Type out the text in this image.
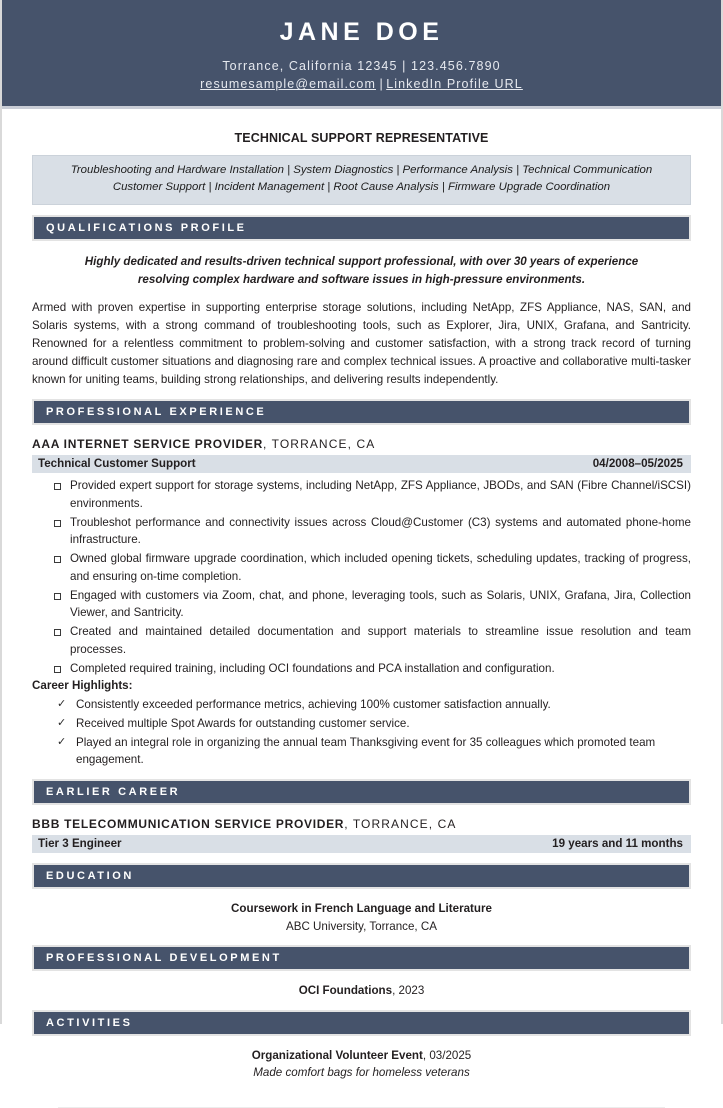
JANE DOE
Torrance, California 12345 | 123.456.7890
resumesample@email.com | LinkedIn Profile URL
TECHNICAL SUPPORT REPRESENTATIVE
Troubleshooting and Hardware Installation | System Diagnostics | Performance Analysis | Technical Communication
Customer Support | Incident Management | Root Cause Analysis | Firmware Upgrade Coordination
QUALIFICATIONS PROFILE

Highly dedicated and results-driven technical support professional, with over 30 years of experience resolving complex hardware and software issues in high-pressure environments.

Armed with proven expertise in supporting enterprise storage solutions, including NetApp, ZFS Appliance, NAS, SAN, and Solaris systems, with a strong command of troubleshooting tools, such as Explorer, Jira, UNIX, Grafana, and Santricity. Renowned for a relentless commitment to problem-solving and customer satisfaction, with a strong track record of turning around difficult customer situations and diagnosing rare and complex technical issues. A proactive and collaborative multi-tasker known for uniting teams, building strong relationships, and delivering results independently.

PROFESSIONAL EXPERIENCE
AAA INTERNET SERVICE PROVIDER, TORRANCE, CA
Technical Customer Support	04/2008–05/2025
Provided expert support for storage systems, including NetApp, ZFS Appliance, JBODs, and SAN (Fibre Channel/iSCSI) environments.
Troubleshot performance and connectivity issues across Cloud@Customer (C3) systems and automated phone-home infrastructure.
Owned global firmware upgrade coordination, which included opening tickets, scheduling updates, tracking of progress, and ensuring on-time completion.
Engaged with customers via Zoom, chat, and phone, leveraging tools, such as Solaris, UNIX, Grafana, Jira, Collection Viewer, and Santricity.
Created and maintained detailed documentation and support materials to streamline issue resolution and team processes.
Completed required training, including OCI foundations and PCA installation and configuration.
Career Highlights:
✓ Consistently exceeded performance metrics, achieving 100% customer satisfaction annually.
✓ Received multiple Spot Awards for outstanding customer service.
✓ Played an integral role in organizing the annual team Thanksgiving event for 35 colleagues which promoted team engagement.
EARLIER CAREER
BBB TELECOMMUNICATION SERVICE PROVIDER, TORRANCE, CA
Tier 3 Engineer	19 years and 11 months
EDUCATION
Coursework in French Language and Literature
ABC University, Torrance, CA
PROFESSIONAL DEVELOPMENT
OCI Foundations, 2023
ACTIVITIES
Organizational Volunteer Event, 03/2025
Made comfort bags for homeless veterans
